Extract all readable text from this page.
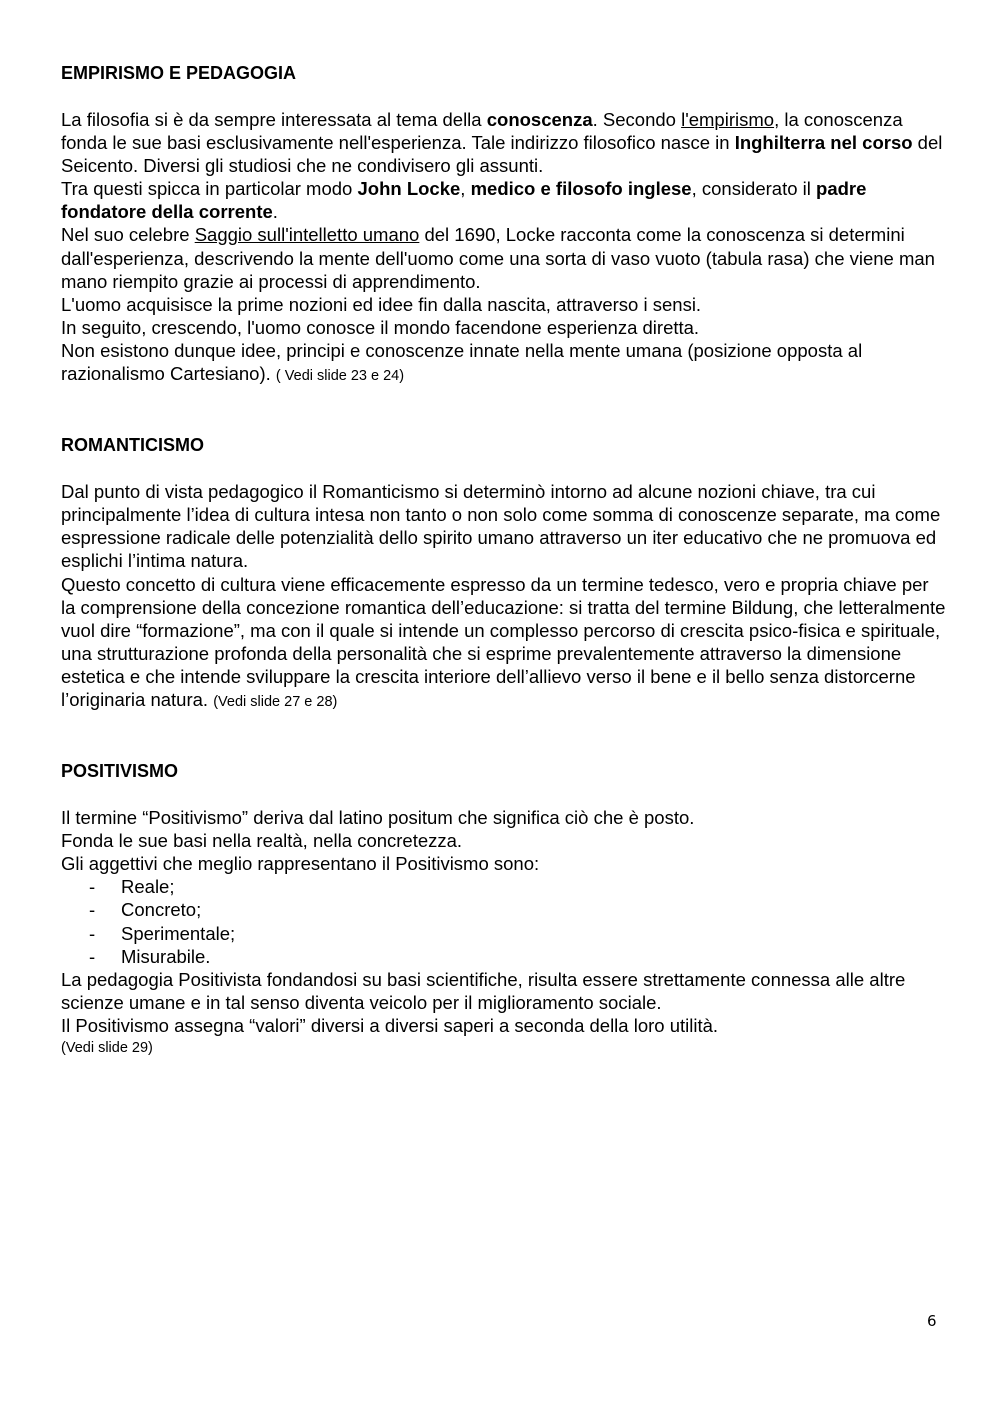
EMPIRISMO E PEDAGOGIA

La filosofia si è da sempre interessata al tema della conoscenza. Secondo l'empirismo, la conoscenza fonda le sue basi esclusivamente nell'esperienza. Tale indirizzo filosofico nasce in Inghilterra nel corso del Seicento. Diversi gli studiosi che ne condivisero gli assunti.

Tra questi spicca in particolar modo John Locke, medico e filosofo inglese, considerato il padre fondatore della corrente.

Nel suo celebre Saggio sull'intelletto umano del 1690, Locke racconta come la conoscenza si determini dall'esperienza, descrivendo la mente dell'uomo come una sorta di vaso vuoto (tabula rasa) che viene man mano riempito grazie ai processi di apprendimento.

L'uomo acquisisce la prime nozioni ed idee fin dalla nascita, attraverso i sensi.

In seguito, crescendo, l'uomo conosce il mondo facendone esperienza diretta.

Non esistono dunque idee, principi e conoscenze innate nella mente umana (posizione opposta al razionalismo Cartesiano). ( Vedi slide 23 e 24)

ROMANTICISMO

Dal punto di vista pedagogico il Romanticismo si determinò intorno ad alcune nozioni chiave, tra cui principalmente l’idea di cultura intesa non tanto o non solo come somma di conoscenze separate, ma come espressione radicale delle potenzialità dello spirito umano attraverso un iter educativo che ne promuova ed esplichi l’intima natura.

Questo concetto di cultura viene efficacemente espresso da un termine tedesco, vero e propria chiave per la comprensione della concezione romantica dell’educazione: si tratta del termine Bildung, che letteralmente vuol dire “formazione”, ma con il quale si intende un complesso percorso di crescita psico-fisica e spirituale, una strutturazione profonda della personalità che si esprime prevalentemente attraverso la dimensione estetica e che intende sviluppare la crescita interiore dell’allievo verso il bene e il bello senza distorcerne l’originaria natura. (Vedi slide 27 e 28)

POSITIVISMO

Il termine “Positivismo” deriva dal latino positum che significa ciò che è posto.

Fonda le sue basi nella realtà, nella concretezza.

Gli aggettivi che meglio rappresentano il Positivismo sono:

- Reale;
- Concreto;
- Sperimentale;
- Misurabile.

La pedagogia Positivista fondandosi su basi scientifiche, risulta essere strettamente connessa alle altre scienze umane e in tal senso diventa veicolo per il miglioramento sociale.

Il Positivismo assegna “valori” diversi a diversi saperi a seconda della loro utilità.

(Vedi slide 29)

6
